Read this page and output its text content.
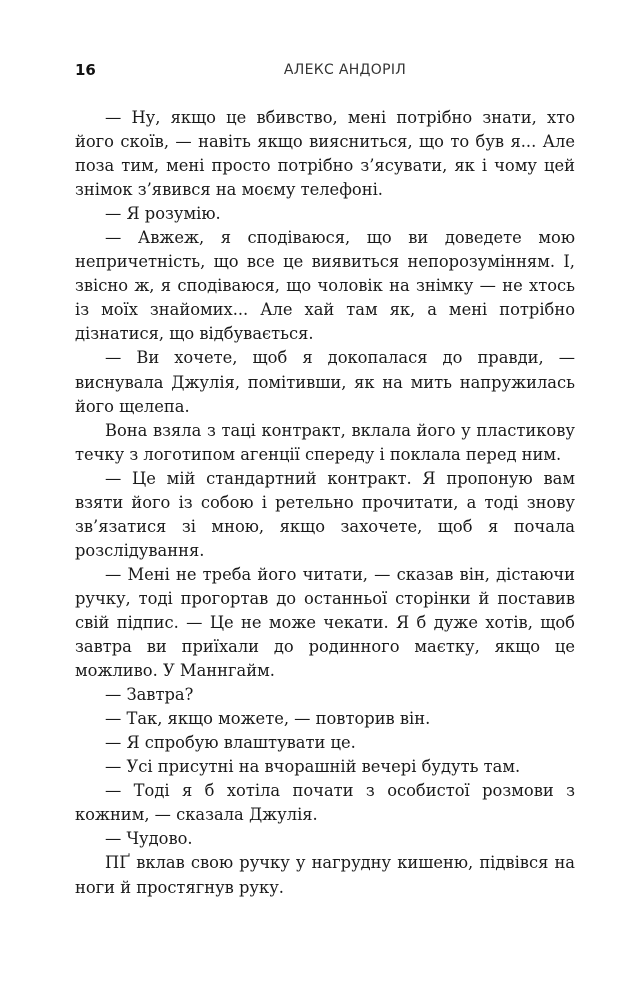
16	АЛЕКС АНДОРІЛ

— Ну, якщо це вбивство, мені потрібно знати, хто його скоїв, — навіть якщо виясниться, що то був я... Але поза тим, мені просто потрібно з’ясувати, як і чому цей знімок з’явився на моєму телефоні.

— Я розумію.

— Авжеж, я сподіваюся, що ви доведете мою непричетність, що все це виявиться непорозумінням. І, звісно ж, я сподіваюся, що чоловік на знімку — не хтось із моїх знайомих... Але хай там як, а мені потрібно дізнатися, що відбувається.

— Ви хочете, щоб я докопалася до правди, — виснувала Джулія, помітивши, як на мить напружилась його щелепа.

Вона взяла з таці контракт, вклала його у пластикову течку з логотипом агенції спереду і поклала перед ним.

— Це мій стандартний контракт. Я пропоную вам взяти його із собою і ретельно прочитати, а тоді знову зв’язатися зі мною, якщо захочете, щоб я почала розслідування.

— Мені не треба його читати, — сказав він, дістаючи ручку, тоді прогортав до останньої сторінки й поставив свій підпис. — Це не може чекати. Я б дуже хотів, щоб завтра ви приїхали до родинного маєтку, якщо це можливо. У Маннгайм.

— Завтра?

— Так, якщо можете, — повторив він.

— Я спробую влаштувати це.

— Усі присутні на вчорашній вечері будуть там.

— Тоді я б хотіла почати з особистої розмови з кожним, — сказала Джулія.

— Чудово.

ПҐ вклав свою ручку у нагрудну кишеню, підвівся на ноги й простягнув руку.
